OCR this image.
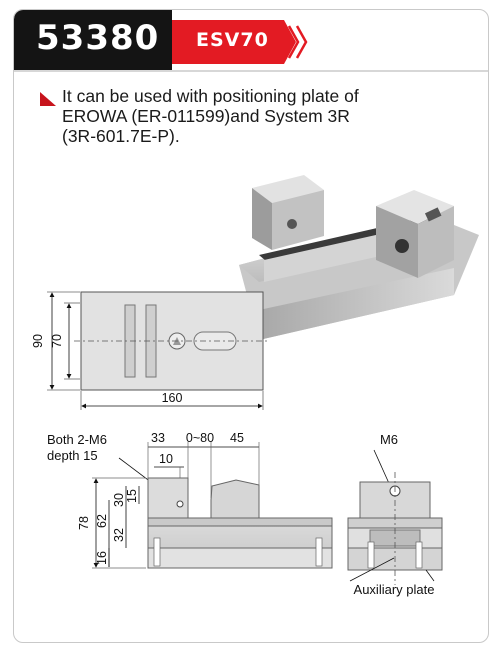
53380 ESV70

It can be used with positioning plate of
EROWA (ER-011599)and System 3R
(3R-601.7E-P).

90 70
160
Both 2-M6
depth 15
33 0~80 45
10
78 62
30 15
32
16
M6
Auxiliary plate
